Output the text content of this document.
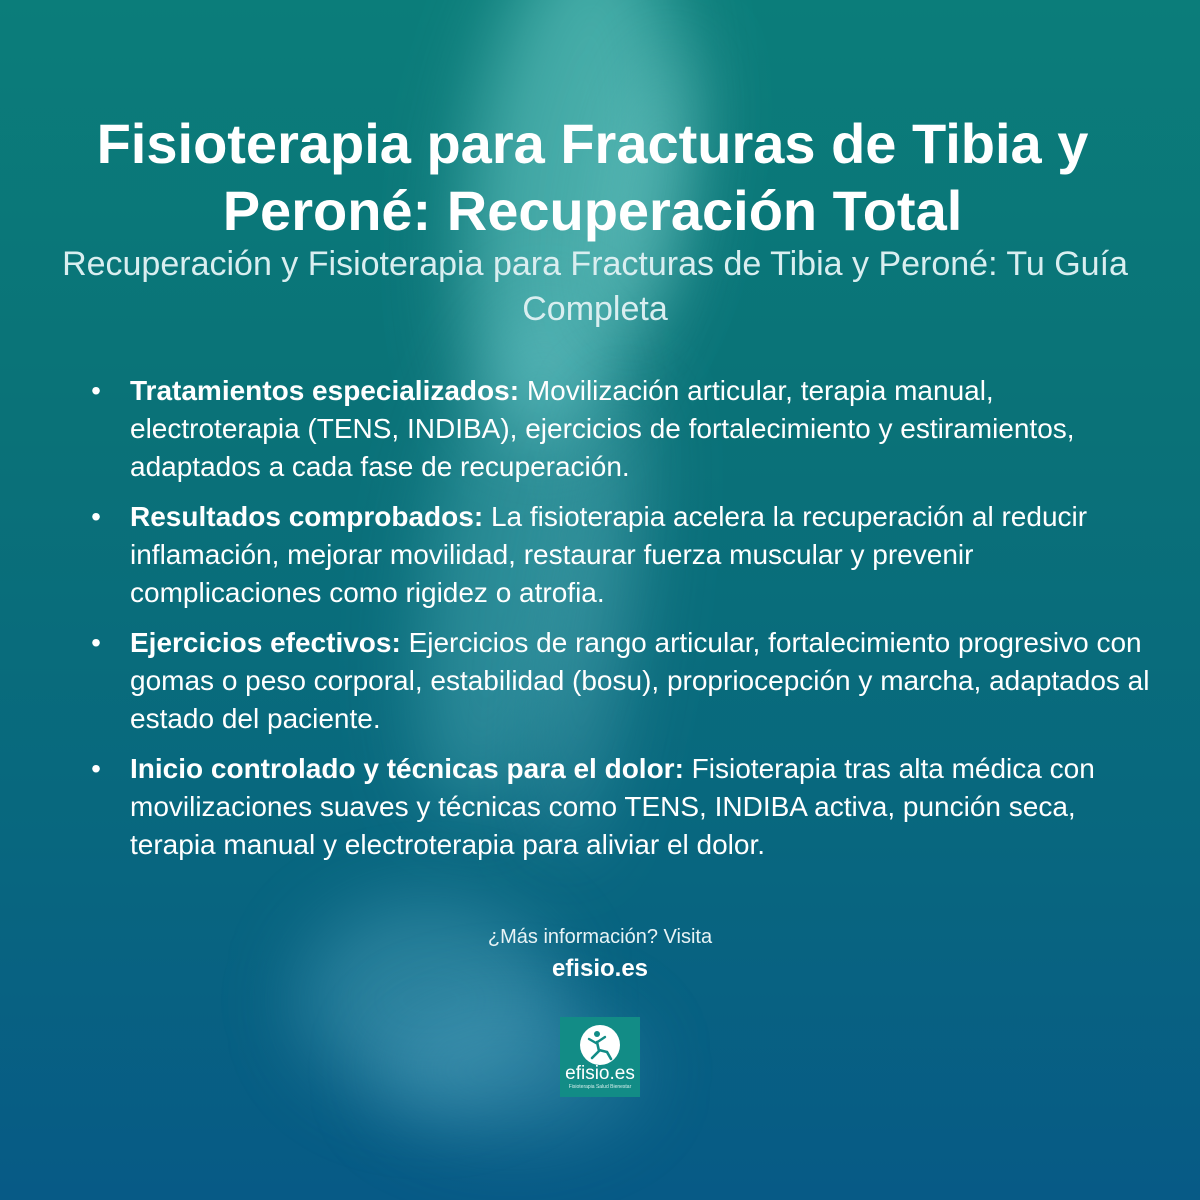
Fisioterapia para Fracturas de Tibia y Peroné: Recuperación Total

Recuperación y Fisioterapia para Fracturas de Tibia y Peroné: Tu Guía Completa

• Tratamientos especializados: Movilización articular, terapia manual, electroterapia (TENS, INDIBA), ejercicios de fortalecimiento y estiramientos, adaptados a cada fase de recuperación.
• Resultados comprobados: La fisioterapia acelera la recuperación al reducir inflamación, mejorar movilidad, restaurar fuerza muscular y prevenir complicaciones como rigidez o atrofia.
• Ejercicios efectivos: Ejercicios de rango articular, fortalecimiento progresivo con gomas o peso corporal, estabilidad (bosu), propriocepción y marcha, adaptados al estado del paciente.
• Inicio controlado y técnicas para el dolor: Fisioterapia tras alta médica con movilizaciones suaves y técnicas como TENS, INDIBA activa, punción seca, terapia manual y electroterapia para aliviar el dolor.

¿Más información? Visita

efisio.es

efisio.es
Fisioterapia Salud Bienestar
